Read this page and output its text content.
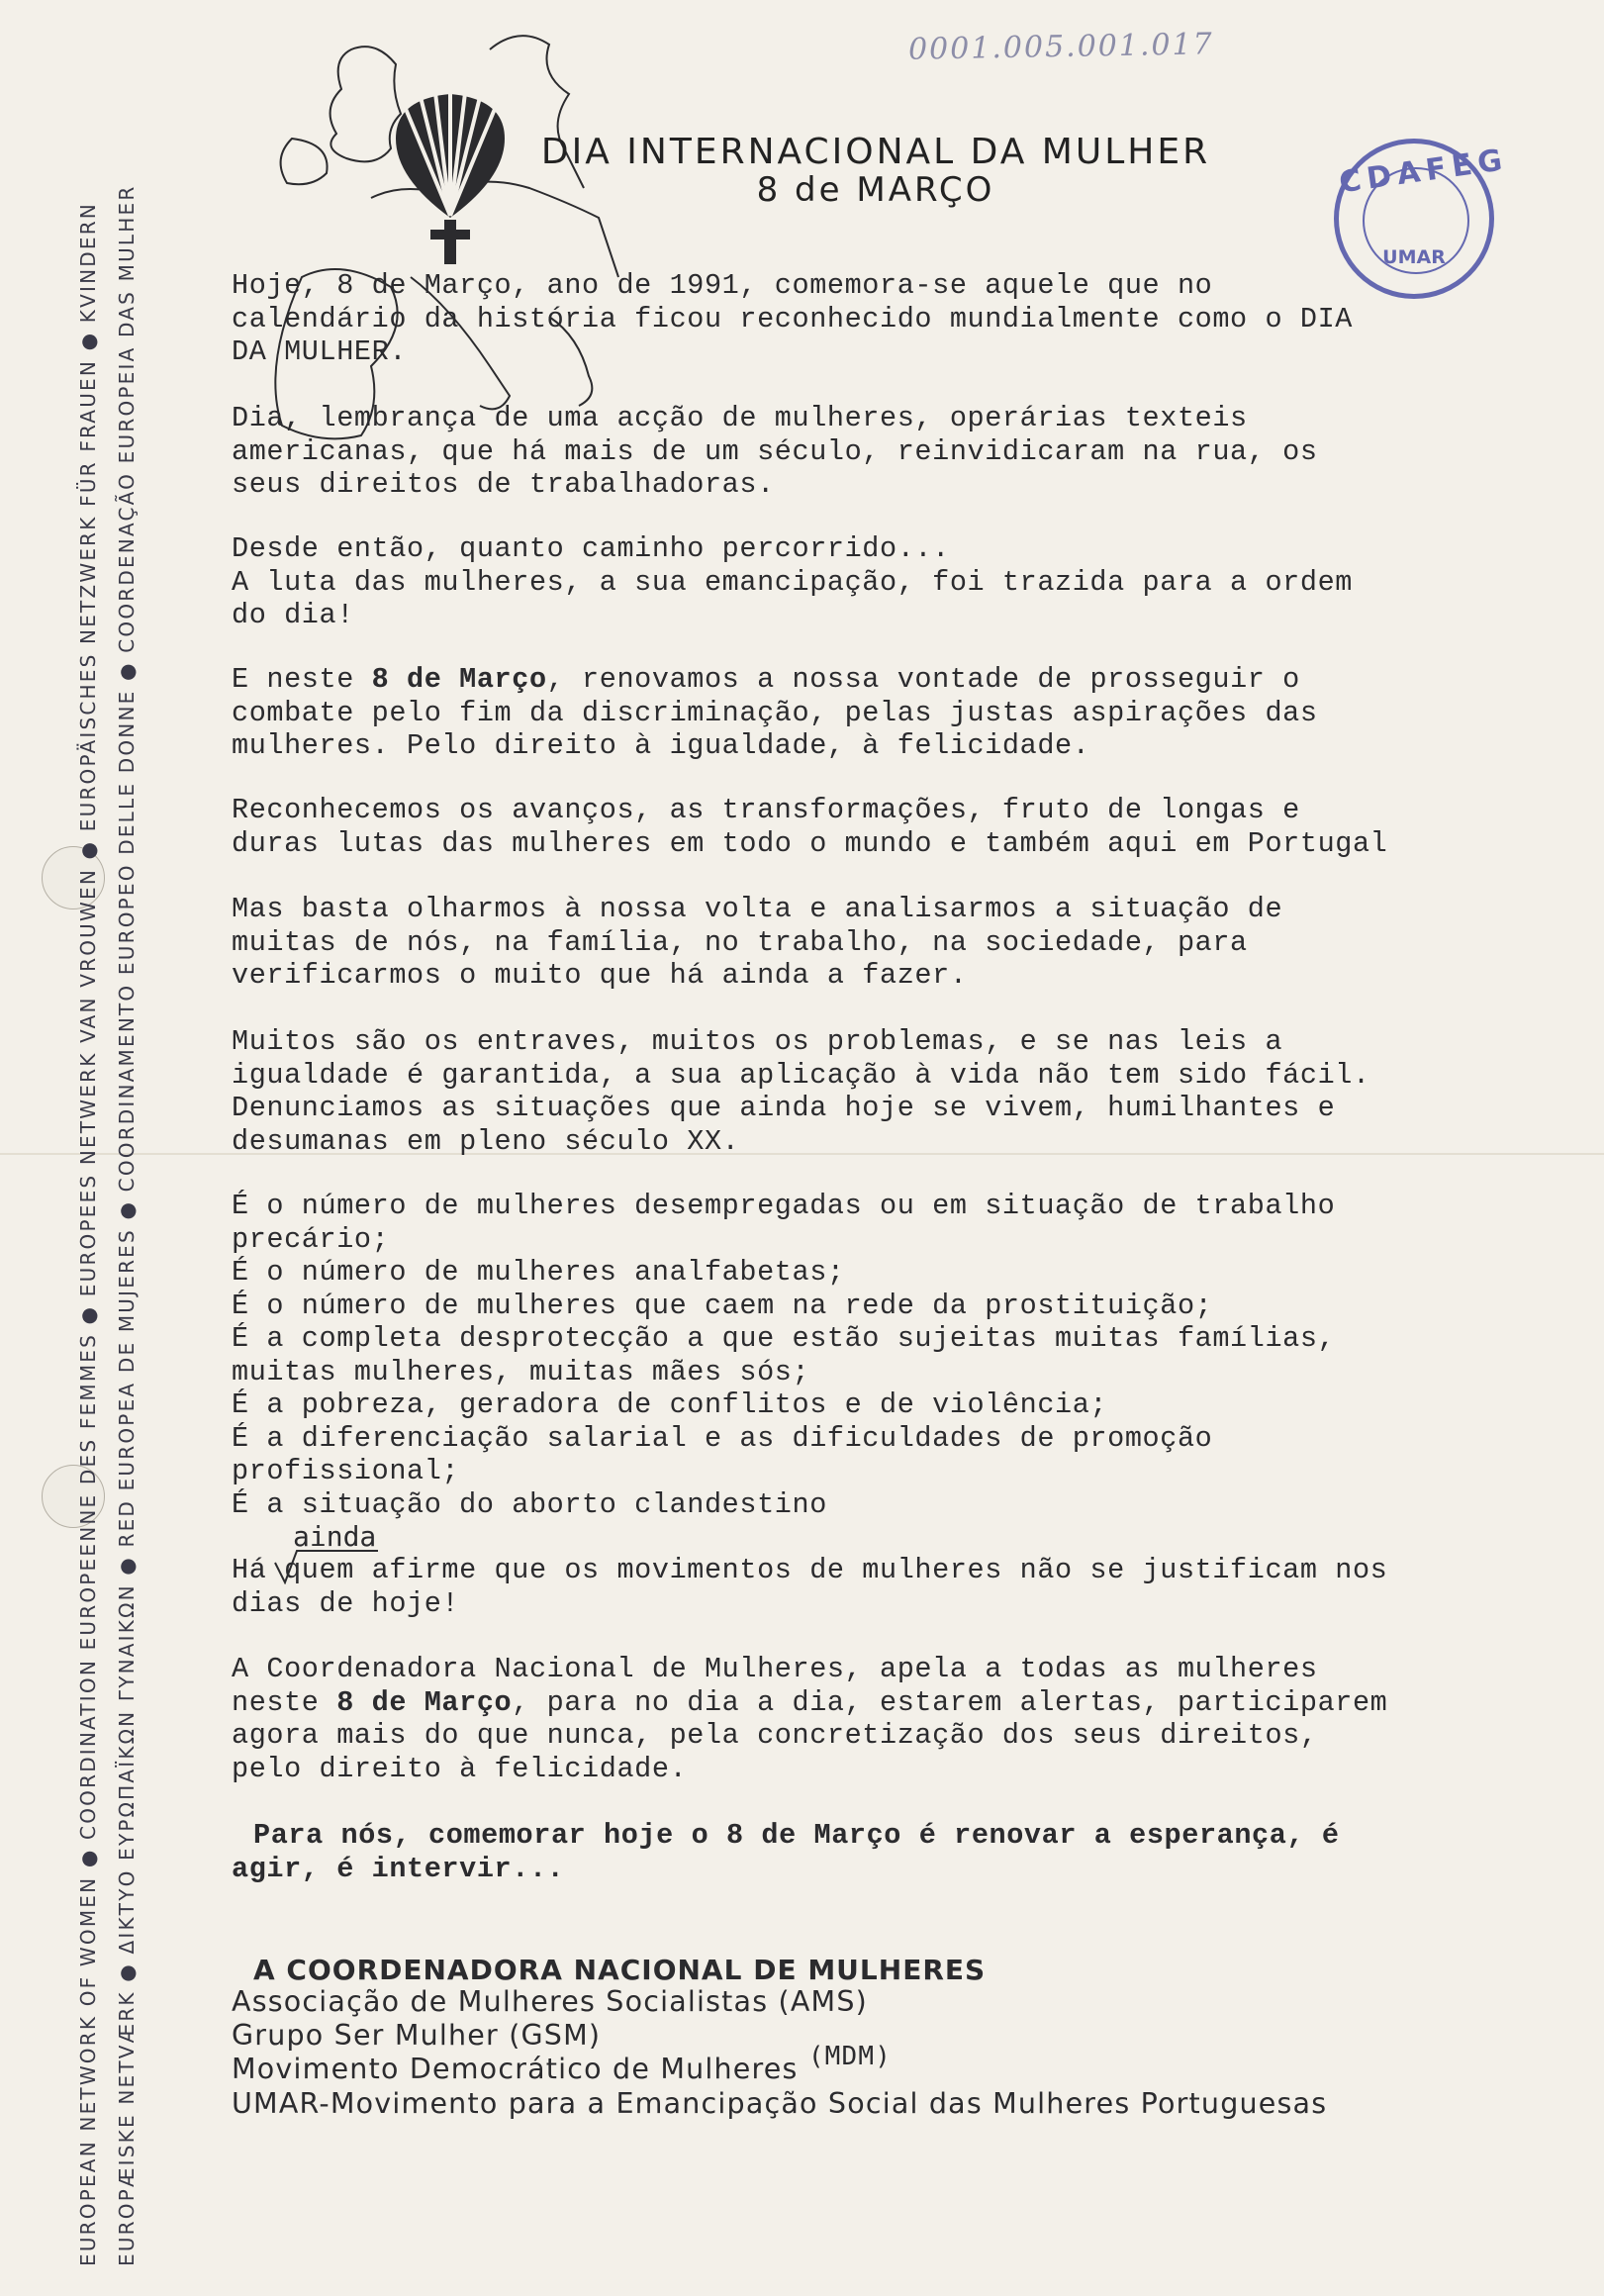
EUROPEAN NETWORK OF WOMEN ● COORDINATION EUROPEENNE DES FEMMES ● EUROPEES NETWERK VAN VROUWEN ● EUROPÄISCHES NETZWERK FÜR FRAUEN ● KVINDERN EUROPÆISKE NETVÆRK ● ΔΙΚΤΥΟ ΕΥΡΩΠΑΪΚΩΝ ΓΥΝΑΙΚΩΝ ● RED EUROPEA DE MUJERES ● COORDINAMENTO EUROPEO DELLE DONNE ● COORDENAÇÃO EUROPEIA DAS MULHER
0001.005.001.017
CDAFEG
UMAR
DIA INTERNACIONAL DA MULHER
8 de MARÇO
Hoje, 8 de Março, ano de 1991, comemora-se aquele que no
calendário da história ficou reconhecido mundialmente como o DIA
DA MULHER.
Dia, lembrança de uma acção de mulheres, operárias texteis
americanas, que há mais de um século, reinvidicaram na rua, os
seus direitos de trabalhadoras.
Desde então, quanto caminho percorrido...
A luta das mulheres, a sua emancipação, foi trazida para a ordem
do dia!
E neste 8 de Março, renovamos a nossa vontade de prosseguir o
combate pelo fim da discriminação, pelas justas aspirações das
mulheres. Pelo direito à igualdade, à felicidade.
Reconhecemos os avanços, as transformações, fruto de longas e
duras lutas das mulheres em todo o mundo e também aqui em Portugal
Mas basta olharmos à nossa volta e analisarmos a situação de
muitas de nós, na família, no trabalho, na sociedade, para
verificarmos o muito que há ainda a fazer.
Muitos são os entraves, muitos os problemas, e se nas leis a
igualdade é garantida, a sua aplicação à vida não tem sido fácil.
Denunciamos as situações que ainda hoje se vivem, humilhantes e
desumanas em pleno século XX.
É o número de mulheres desempregadas ou em situação de trabalho
precário;
É o número de mulheres analfabetas;
É o número de mulheres que caem na rede da prostituição;
É a completa desprotecção a que estão sujeitas muitas famílias,
muitas mulheres, muitas mães sós;
É a pobreza, geradora de conflitos e de violência;
É a diferenciação salarial e as dificuldades de promoção
profissional;
É a situação do aborto clandestino
ainda
Há quem afirme que os movimentos de mulheres não se justificam nos
dias de hoje!
A Coordenadora Nacional de Mulheres, apela a todas as mulheres
neste 8 de Março, para no dia a dia, estarem alertas, participarem
agora mais do que nunca, pela concretização dos seus direitos,
pelo direito à felicidade.
Para nós, comemorar hoje o 8 de Março é renovar a esperança, é
agir, é intervir...
A COORDENADORA NACIONAL DE MULHERES
Associação de Mulheres Socialistas (AMS)
Grupo Ser Mulher (GSM)
Movimento Democrático de Mulheres (MDM)
UMAR-Movimento para a Emancipação Social das Mulheres Portuguesas
